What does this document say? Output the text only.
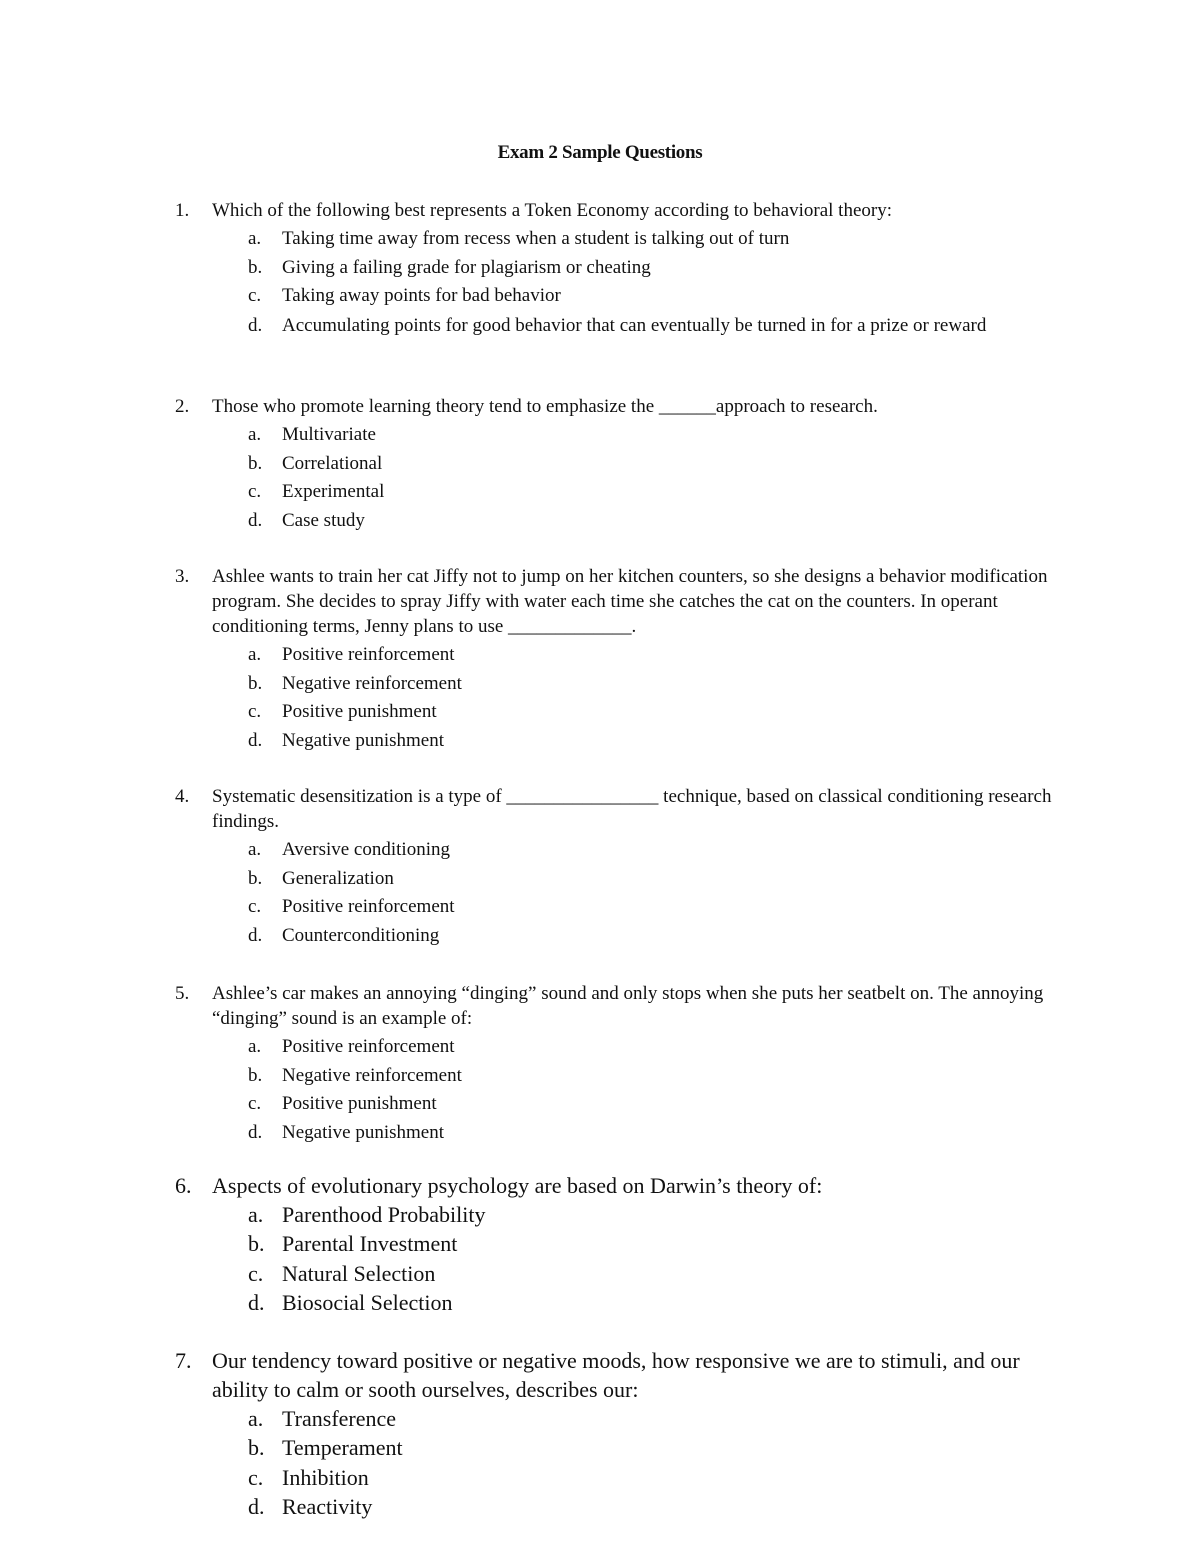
Exam 2 Sample Questions
1. Which of the following best represents a Token Economy according to behavioral theory:
a. Taking time away from recess when a student is talking out of turn
b. Giving a failing grade for plagiarism or cheating
c. Taking away points for bad behavior
d. Accumulating points for good behavior that can eventually be turned in for a prize or reward
2. Those who promote learning theory tend to emphasize the ______approach to research.
a. Multivariate
b. Correlational
c. Experimental
d. Case study
3. Ashlee wants to train her cat Jiffy not to jump on her kitchen counters, so she designs a behavior modification program. She decides to spray Jiffy with water each time she catches the cat on the counters. In operant conditioning terms, Jenny plans to use _____________.
a. Positive reinforcement
b. Negative reinforcement
c. Positive punishment
d. Negative punishment
4. Systematic desensitization is a type of ________________ technique, based on classical conditioning research findings.
a. Aversive conditioning
b. Generalization
c. Positive reinforcement
d. Counterconditioning
5. Ashlee’s car makes an annoying “dinging” sound and only stops when she puts her seatbelt on. The annoying “dinging” sound is an example of:
a. Positive reinforcement
b. Negative reinforcement
c. Positive punishment
d. Negative punishment
6. Aspects of evolutionary psychology are based on Darwin’s theory of:
a. Parenthood Probability
b. Parental Investment
c. Natural Selection
d. Biosocial Selection
7. Our tendency toward positive or negative moods, how responsive we are to stimuli, and our ability to calm or sooth ourselves, describes our:
a. Transference
b. Temperament
c. Inhibition
d. Reactivity
